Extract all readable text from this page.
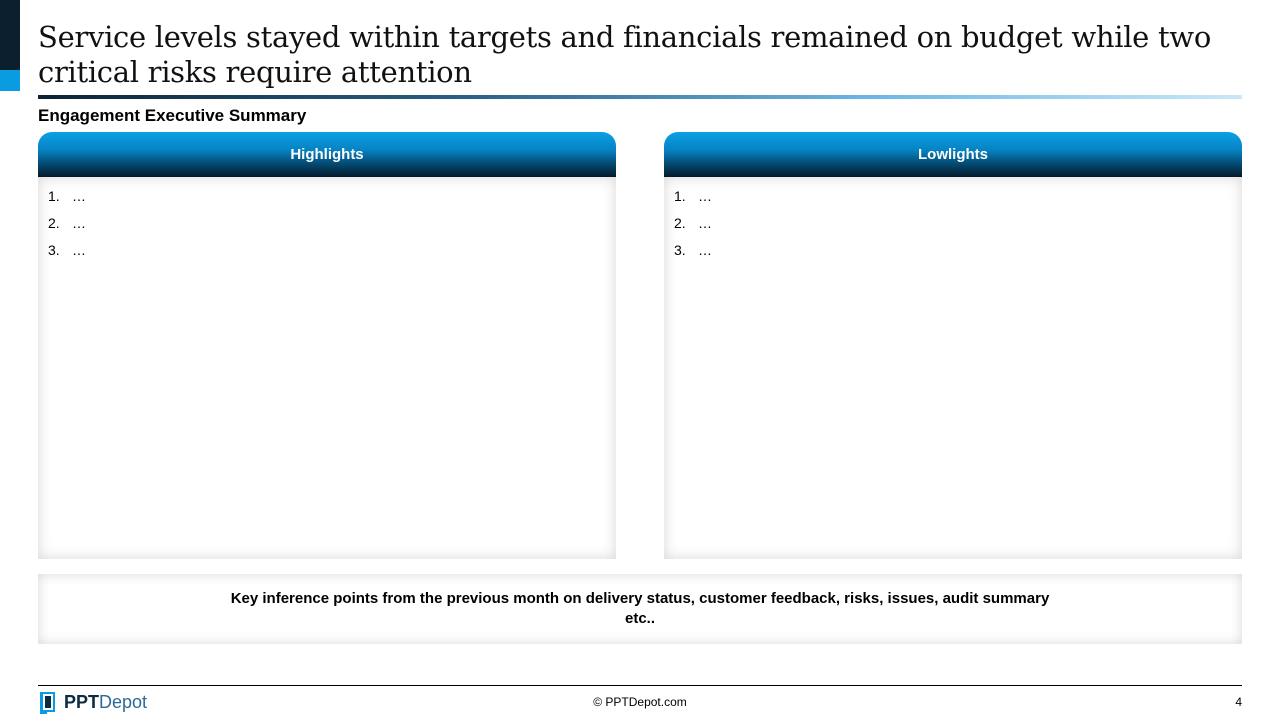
Service levels stayed within targets and financials remained on budget while two critical risks require attention
Engagement Executive Summary
Highlights
1. …
2. …
3. …
Lowlights
1. …
2. …
3. …
Key inference points from the previous month on delivery status, customer feedback, risks, issues, audit summary etc..
PPTDepot	© PPTDepot.com	4
